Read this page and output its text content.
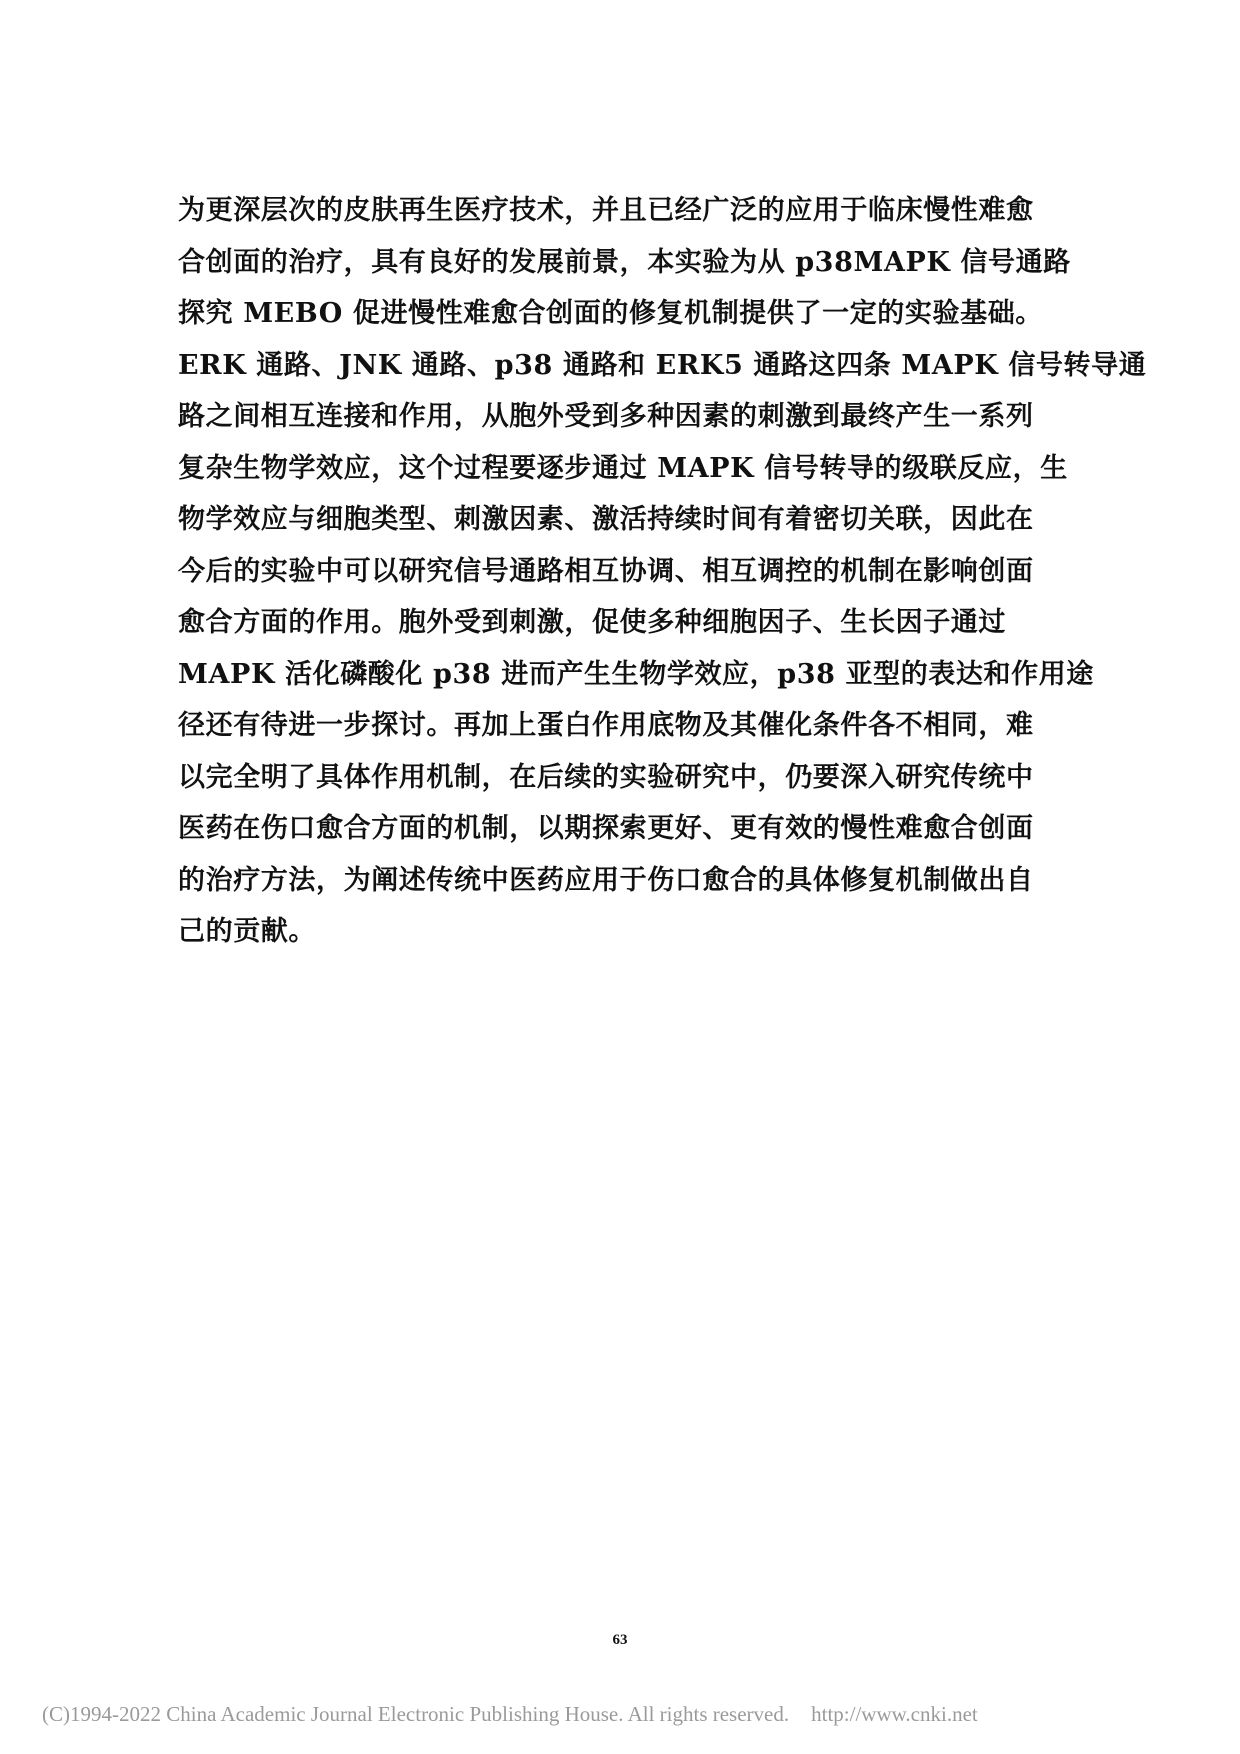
为更深层次的皮肤再生医疗技术，并且已经广泛的应用于临床慢性难愈
合创面的治疗，具有良好的发展前景，本实验为从 p38MAPK 信号通路
探究 MEBO 促进慢性难愈合创面的修复机制提供了一定的实验基础。
ERK 通路、JNK 通路、p38 通路和 ERK5 通路这四条 MAPK 信号转导通
路之间相互连接和作用，从胞外受到多种因素的刺激到最终产生一系列
复杂生物学效应，这个过程要逐步通过 MAPK 信号转导的级联反应，生
物学效应与细胞类型、刺激因素、激活持续时间有着密切关联，因此在
今后的实验中可以研究信号通路相互协调、相互调控的机制在影响创面
愈合方面的作用。胞外受到刺激，促使多种细胞因子、生长因子通过
MAPK 活化磷酸化 p38 进而产生生物学效应，p38 亚型的表达和作用途
径还有待进一步探讨。再加上蛋白作用底物及其催化条件各不相同，难
以完全明了具体作用机制，在后续的实验研究中，仍要深入研究传统中
医药在伤口愈合方面的机制，以期探索更好、更有效的慢性难愈合创面
的治疗方法，为阐述传统中医药应用于伤口愈合的具体修复机制做出自
己的贡献。
63
(C)1994-2022 China Academic Journal Electronic Publishing House. All rights reserved. http://www.cnki.net
